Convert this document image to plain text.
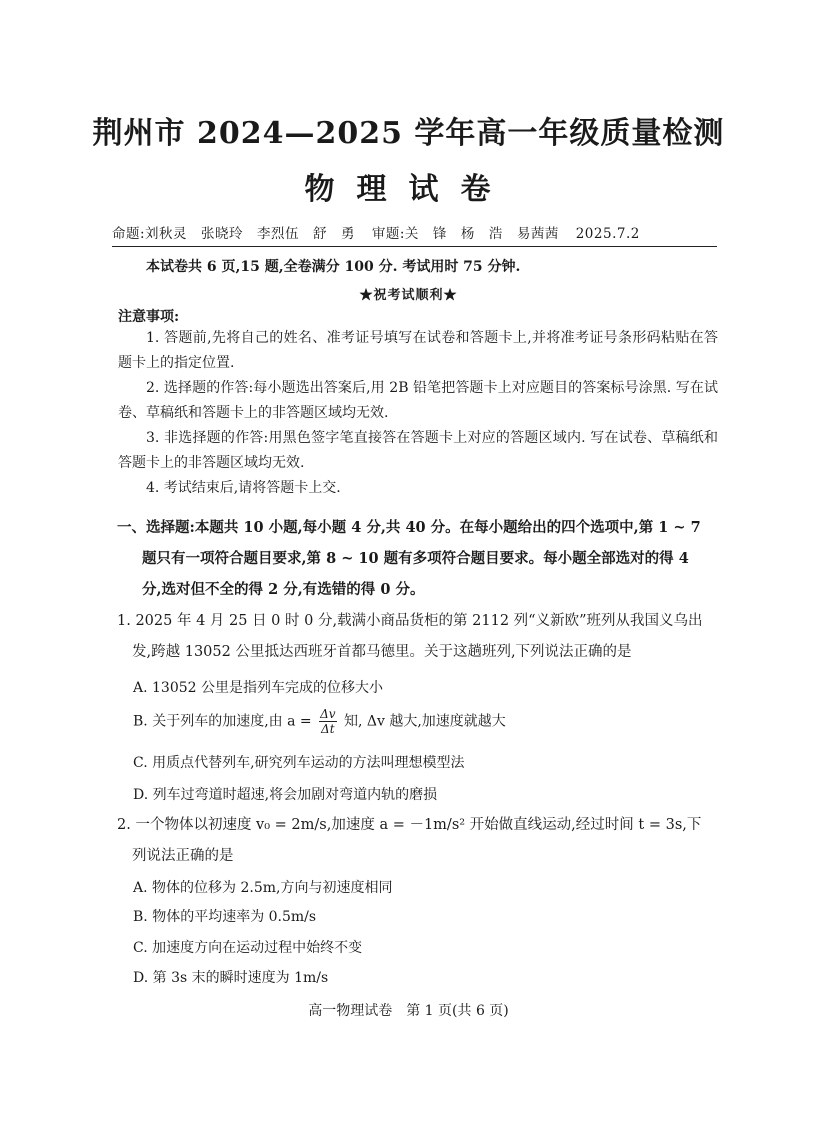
荆州市 2024—2025 学年高一年级质量检测
物理试卷
命题:刘秋灵　张晓玲　李烈伍　舒　勇 审题:关　锋　杨　浩　易茜茜 2025.7.2
本试卷共 6 页,15 题,全卷满分 100 分. 考试用时 75 分钟.
★祝考试顺利★
注意事项:

1. 答题前,先将自己的姓名、准考证号填写在试卷和答题卡上,并将准考证号条形码粘贴在答题卡上的指定位置.

2. 选择题的作答:每小题选出答案后,用 2B 铅笔把答题卡上对应题目的答案标号涂黑. 写在试卷、草稿纸和答题卡上的非答题区域均无效.

3. 非选择题的作答:用黑色签字笔直接答在答题卡上对应的答题区域内. 写在试卷、草稿纸和答题卡上的非答题区域均无效.

4. 考试结束后,请将答题卡上交.

一、选择题:本题共 10 小题,每小题 4 分,共 40 分。在每小题给出的四个选项中,第 1 ~ 7
题只有一项符合题目要求,第 8 ~ 10 题有多项符合题目要求。每小题全部选对的得 4
分,选对但不全的得 2 分,有选错的得 0 分。
1. 2025 年 4 月 25 日 0 时 0 分,载满小商品货柜的第 2112 列“义新欧”班列从我国义乌出
发,跨越 13052 公里抵达西班牙首都马德里。关于这趟班列,下列说法正确的是
A. 13052 公里是指列车完成的位移大小
B. 关于列车的加速度,由 $a = \frac{\Delta v}{\Delta t}$ 知, Δv 越大,加速度就越大
C. 用质点代替列车,研究列车运动的方法叫理想模型法
D. 列车过弯道时超速,将会加剧对弯道内轨的磨损
2. 一个物体以初速度 v₀ = 2m/s,加速度 a = －1m/s² 开始做直线运动,经过时间 t = 3s,下
列说法正确的是
A. 物体的位移为 2.5m,方向与初速度相同
B. 物体的平均速率为 0.5m/s
C. 加速度方向在运动过程中始终不变
D. 第 3s 末的瞬时速度为 1m/s
高一物理试卷　第 1 页(共 6 页)
